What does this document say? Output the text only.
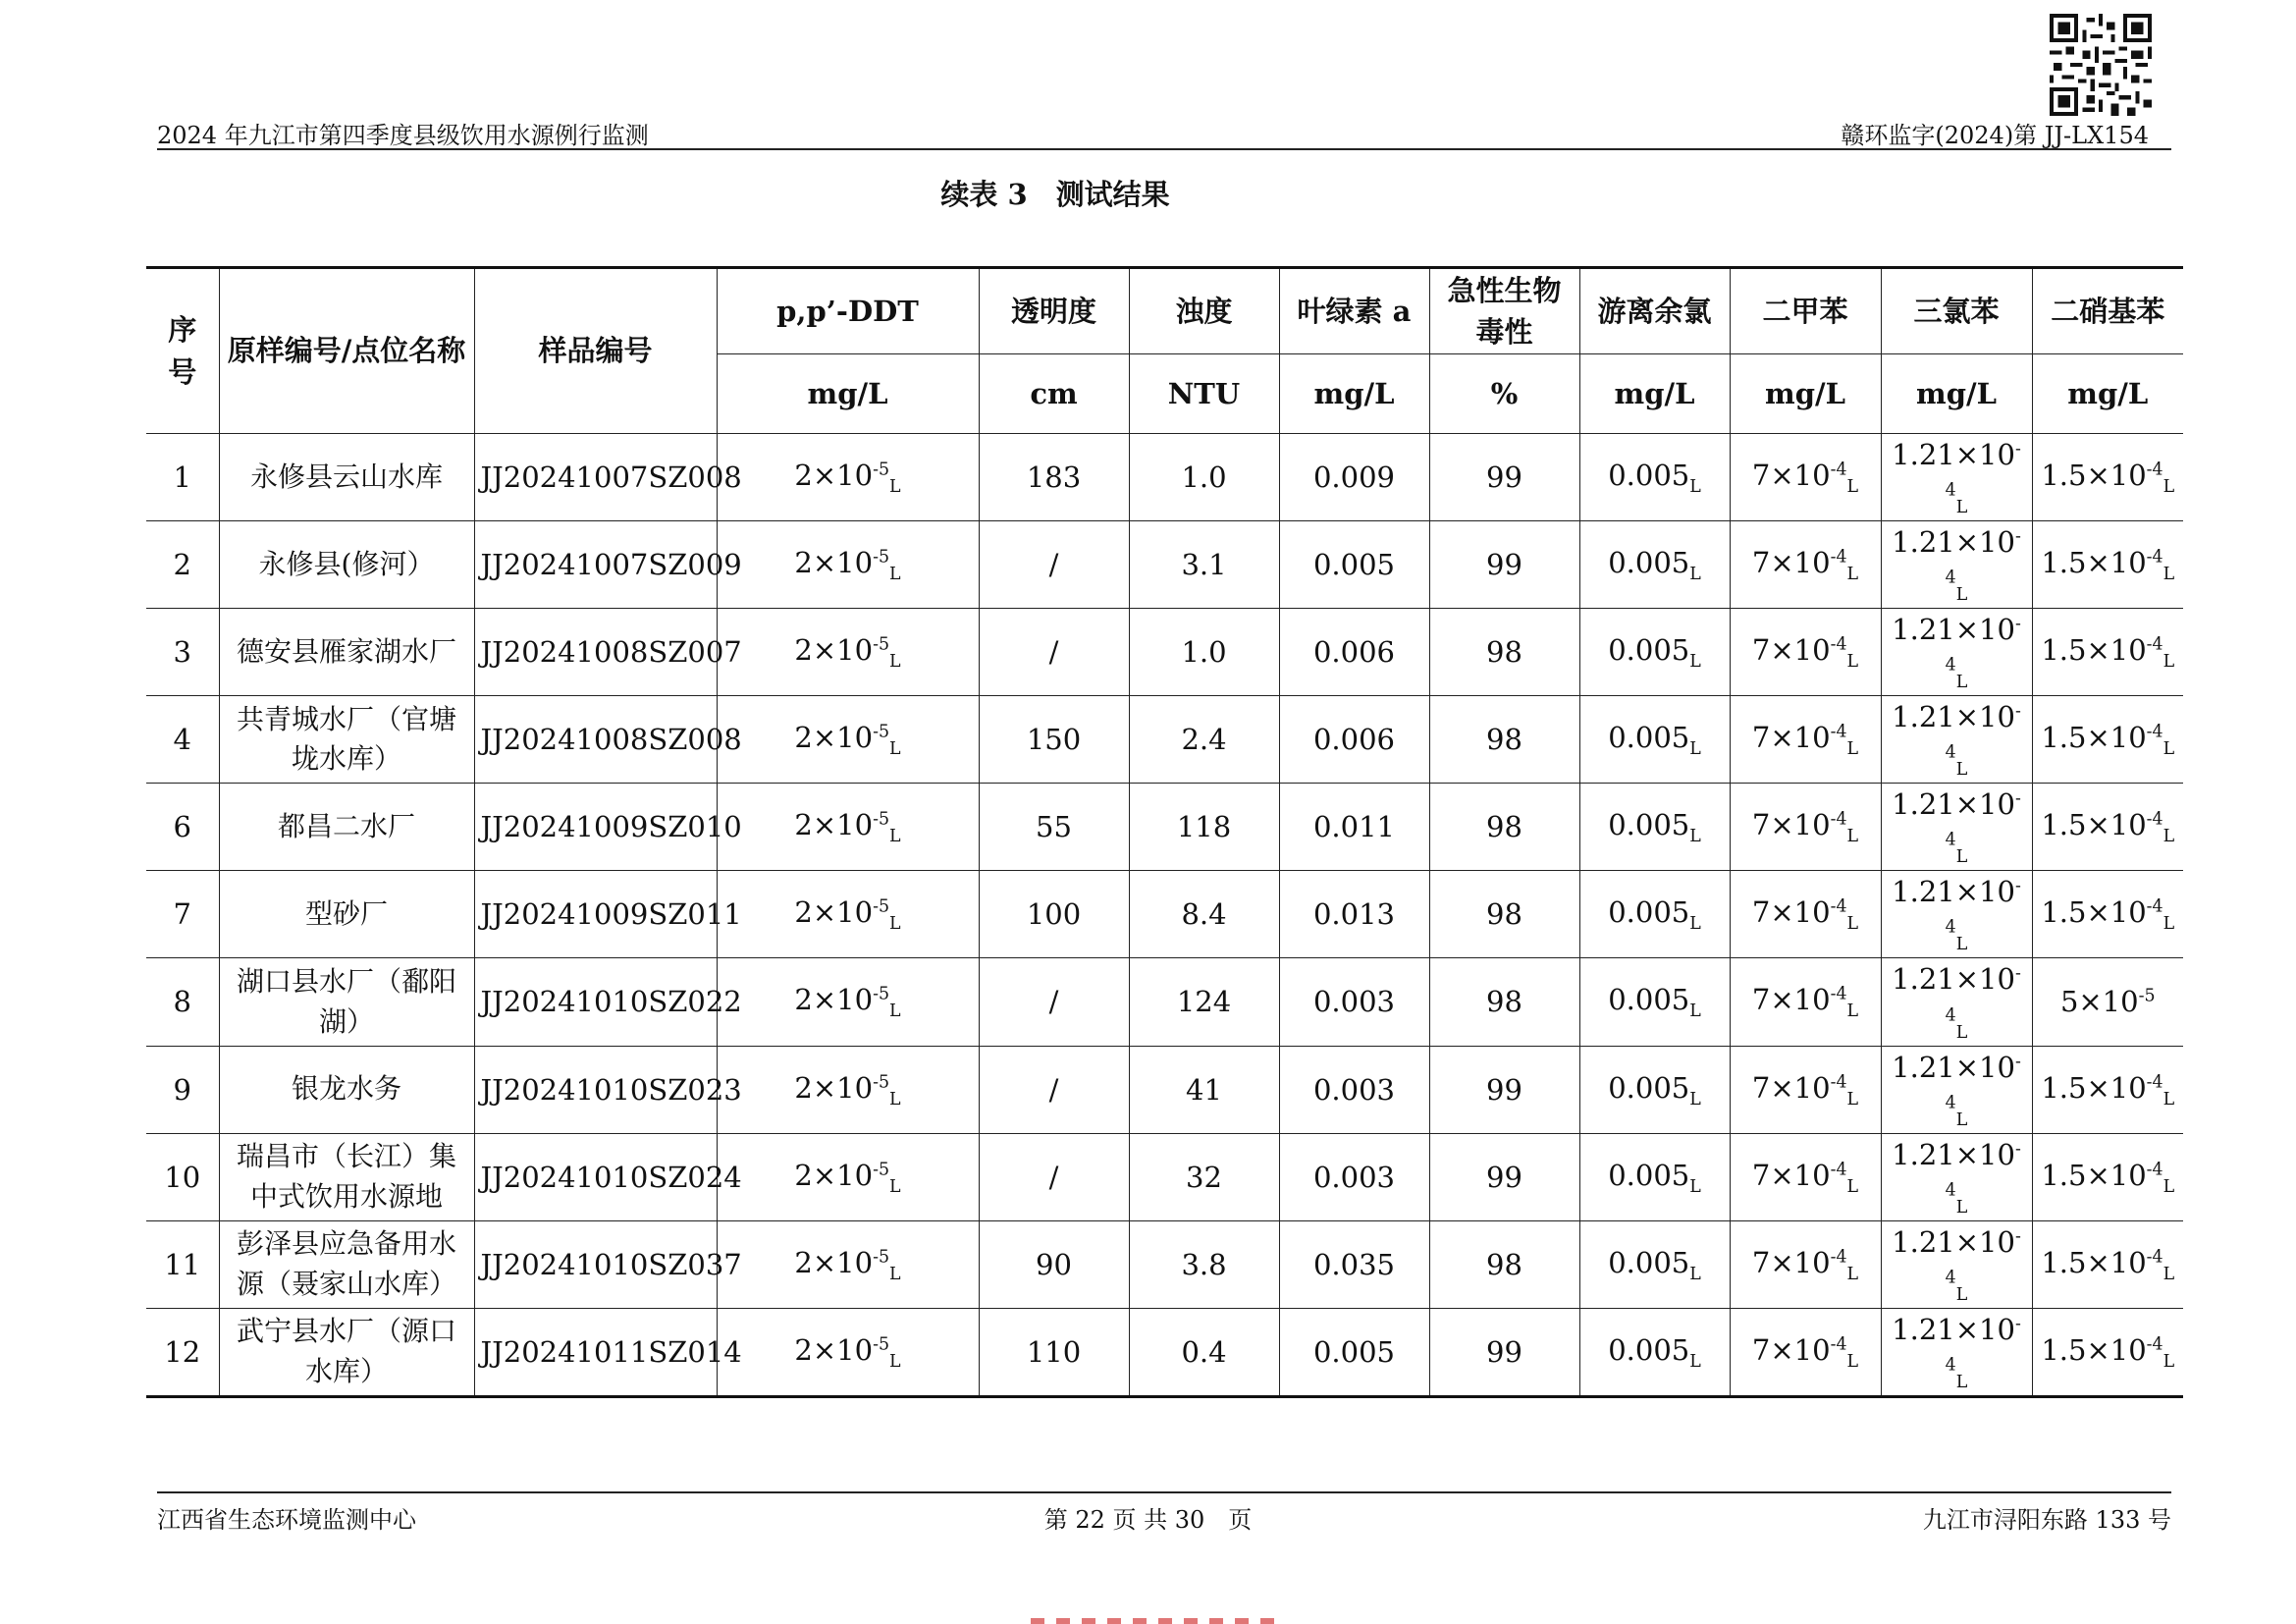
2024 年九江市第四季度县级饮用水源例行监测	赣环监字(2024)第 JJ-LX154
续表 3　测试结果
序号	原样编号/点位名称	样品编号	p,p’-DDT	透明度	浊度	叶绿素 a	急性生物毒性	游离余氯	二甲苯	三氯苯	二硝基苯
			mg/L	cm	NTU	mg/L	%	mg/L	mg/L	mg/L	mg/L
1	永修县云山水库	JJ20241007SZ008	$2\times 10^{-5}_L$	183	1.0	0.009	99	$0.005_L$	$7\times 10^{-4}_L$	$1.21\times 10^{-4}_L$	$1.5\times 10^{-4}_L$
2	永修县(修河）	JJ20241007SZ009	$2\times 10^{-5}_L$	/	3.1	0.005	99	$0.005_L$	$7\times 10^{-4}_L$	$1.21\times 10^{-4}_L$	$1.5\times 10^{-4}_L$
3	德安县雁家湖水厂	JJ20241008SZ007	$2\times 10^{-5}_L$	/	1.0	0.006	98	$0.005_L$	$7\times 10^{-4}_L$	$1.21\times 10^{-4}_L$	$1.5\times 10^{-4}_L$
4	共青城水厂（官塘垅水库）	JJ20241008SZ008	$2\times 10^{-5}_L$	150	2.4	0.006	98	$0.005_L$	$7\times 10^{-4}_L$	$1.21\times 10^{-4}_L$	$1.5\times 10^{-4}_L$
6	都昌二水厂	JJ20241009SZ010	$2\times 10^{-5}_L$	55	118	0.011	98	$0.005_L$	$7\times 10^{-4}_L$	$1.21\times 10^{-4}_L$	$1.5\times 10^{-4}_L$
7	型砂厂	JJ20241009SZ011	$2\times 10^{-5}_L$	100	8.4	0.013	98	$0.005_L$	$7\times 10^{-4}_L$	$1.21\times 10^{-4}_L$	$1.5\times 10^{-4}_L$
8	湖口县水厂（鄱阳湖）	JJ20241010SZ022	$2\times 10^{-5}_L$	/	124	0.003	98	$0.005_L$	$7\times 10^{-4}_L$	$1.21\times 10^{-4}_L$	$5\times 10^{-5}$
9	银龙水务	JJ20241010SZ023	$2\times 10^{-5}_L$	/	41	0.003	99	$0.005_L$	$7\times 10^{-4}_L$	$1.21\times 10^{-4}_L$	$1.5\times 10^{-4}_L$
10	瑞昌市（长江）集中式饮用水源地	JJ20241010SZ024	$2\times 10^{-5}_L$	/	32	0.003	99	$0.005_L$	$7\times 10^{-4}_L$	$1.21\times 10^{-4}_L$	$1.5\times 10^{-4}_L$
11	彭泽县应急备用水源（聂家山水库）	JJ20241010SZ037	$2\times 10^{-5}_L$	90	3.8	0.035	98	$0.005_L$	$7\times 10^{-4}_L$	$1.21\times 10^{-4}_L$	$1.5\times 10^{-4}_L$
12	武宁县水厂（源口水库）	JJ20241011SZ014	$2\times 10^{-5}_L$	110	0.4	0.005	99	$0.005_L$	$7\times 10^{-4}_L$	$1.21\times 10^{-4}_L$	$1.5\times 10^{-4}_L$
江西省生态环境监测中心	第 22 页 共 30　页	九江市浔阳东路 133 号
